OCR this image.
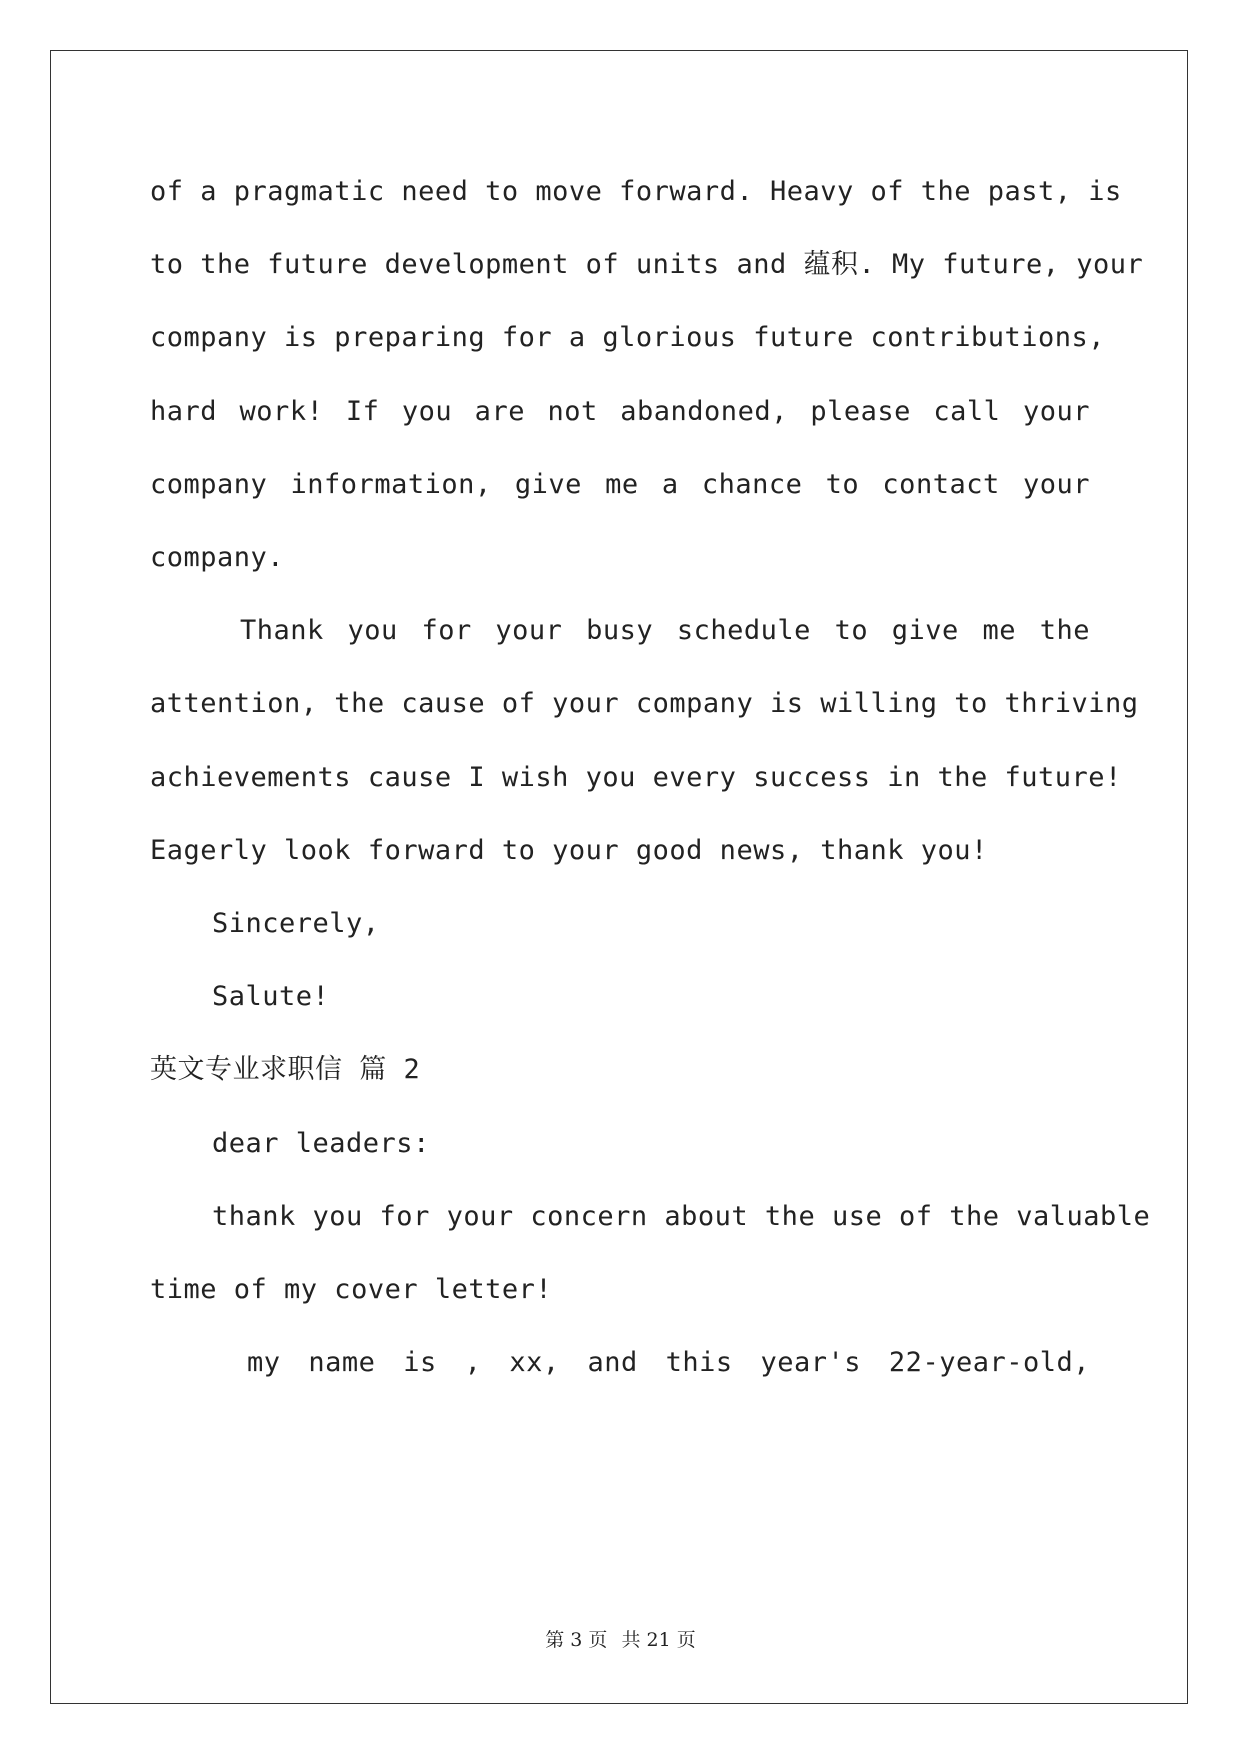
of a pragmatic need to move forward. Heavy of the past, is
to the future development of units and 蕴积. My future, your
company is preparing for a glorious future contributions,
hard work! If you are not abandoned, please call your
company information, give me a chance to contact your
company.
Thank you for your busy schedule to give me the
attention, the cause of your company is willing to thriving
achievements cause I wish you every success in the future!
Eagerly look forward to your good news, thank you!
Sincerely,
Salute!
英文专业求职信 篇 2
dear leaders:
thank you for your concern about the use of the valuable
time of my cover letter!
my name is , xx, and this year's 22-year-old,
第 3 页 共 21 页
